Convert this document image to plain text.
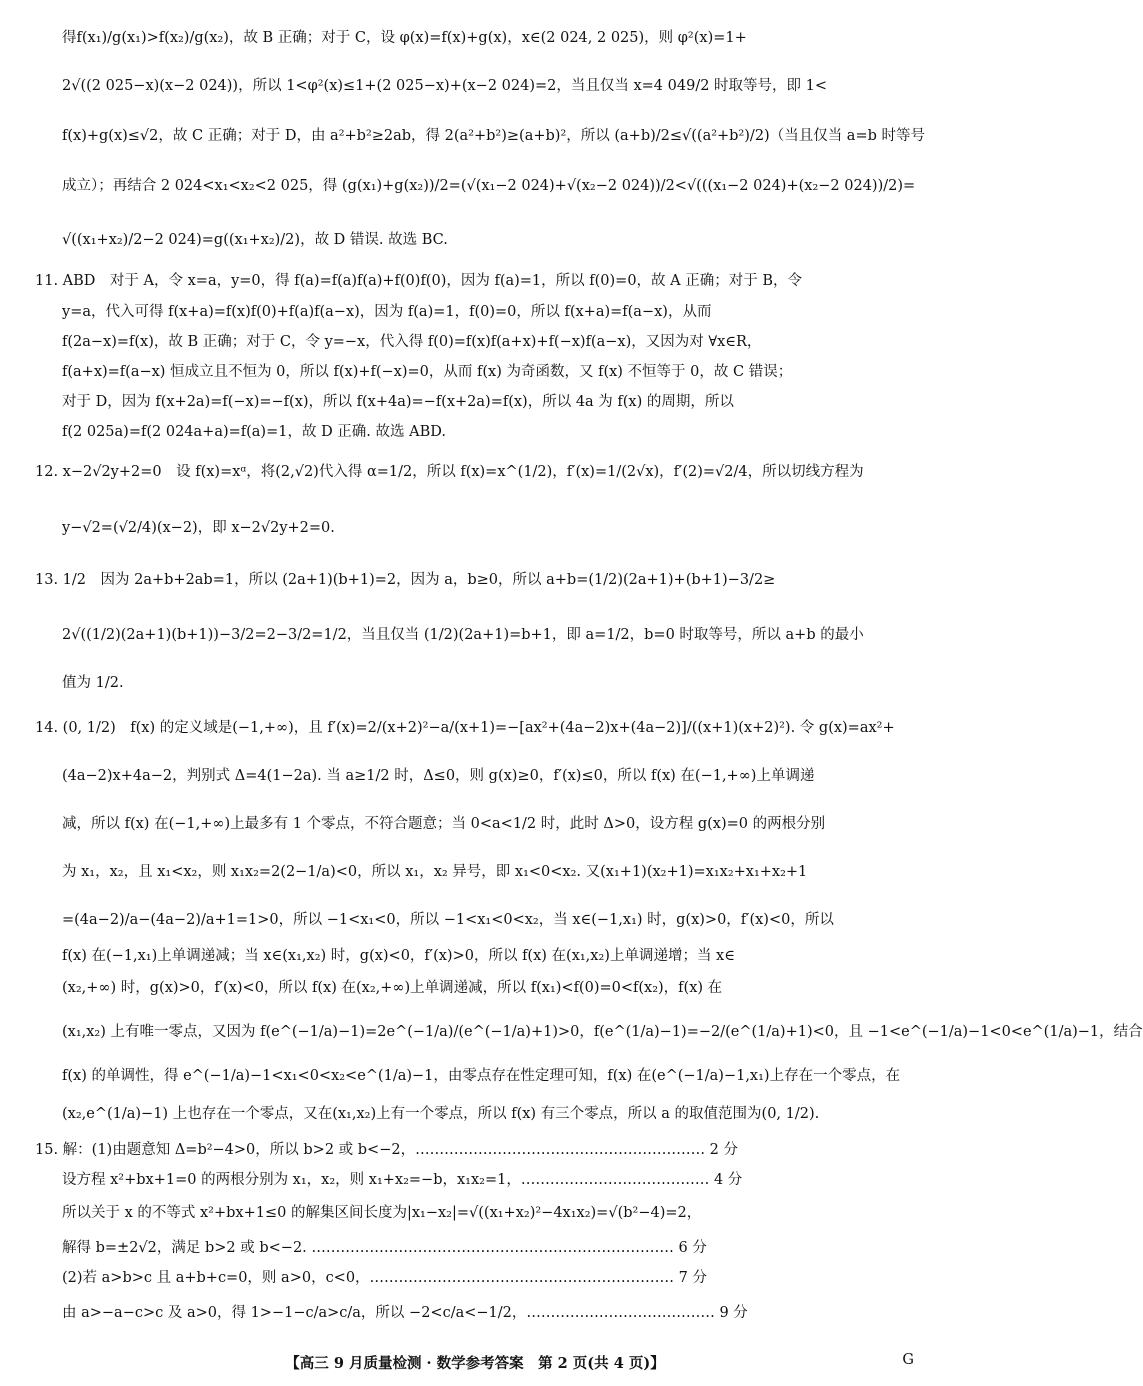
得f(x₁)/g(x₁)>f(x₂)/g(x₂)，故 B 正确；对于 C，设 φ(x)=f(x)+g(x)，x∈(2 024, 2 025)，则 φ²(x)=1+
2√((2 025−x)(x−2 024))，所以 1<φ²(x)≤1+(2 025−x)+(x−2 024)=2，当且仅当 x=4 049/2 时取等号，即 1<
f(x)+g(x)≤√2，故 C 正确；对于 D，由 a²+b²≥2ab，得 2(a²+b²)≥(a+b)²，所以 (a+b)/2≤√((a²+b²)/2)（当且仅当 a=b 时等号
成立）；再结合 2 024<x₁<x₂<2 025，得 (g(x₁)+g(x₂))/2=(√(x₁−2 024)+√(x₂−2 024))/2<√(((x₁−2 024)+(x₂−2 024))/2)=
√((x₁+x₂)/2−2 024)=g((x₁+x₂)/2)，故 D 错误. 故选 BC.
11. ABD　对于 A，令 x=a，y=0，得 f(a)=f(a)f(a)+f(0)f(0)，因为 f(a)=1，所以 f(0)=0，故 A 正确；对于 B，令
y=a，代入可得 f(x+a)=f(x)f(0)+f(a)f(a−x)，因为 f(a)=1，f(0)=0，所以 f(x+a)=f(a−x)，从而
f(2a−x)=f(x)，故 B 正确；对于 C，令 y=−x，代入得 f(0)=f(x)f(a+x)+f(−x)f(a−x)，又因为对 ∀x∈R，
f(a+x)=f(a−x) 恒成立且不恒为 0，所以 f(x)+f(−x)=0，从而 f(x) 为奇函数，又 f(x) 不恒等于 0，故 C 错误；
对于 D，因为 f(x+2a)=f(−x)=−f(x)，所以 f(x+4a)=−f(x+2a)=f(x)，所以 4a 为 f(x) 的周期，所以
f(2 025a)=f(2 024a+a)=f(a)=1，故 D 正确. 故选 ABD.
12. x−2√2y+2=0　设 f(x)=xᵅ，将(2,√2)代入得 α=1/2，所以 f(x)=x^(1/2)，f′(x)=1/(2√x)，f′(2)=√2/4，所以切线方程为
y−√2=(√2/4)(x−2)，即 x−2√2y+2=0.
13. 1/2　因为 2a+b+2ab=1，所以 (2a+1)(b+1)=2，因为 a，b≥0，所以 a+b=(1/2)(2a+1)+(b+1)−3/2≥
2√((1/2)(2a+1)(b+1))−3/2=2−3/2=1/2，当且仅当 (1/2)(2a+1)=b+1，即 a=1/2，b=0 时取等号，所以 a+b 的最小
值为 1/2.
14. (0, 1/2)　f(x) 的定义域是(−1,+∞)，且 f′(x)=2/(x+2)²−a/(x+1)=−[ax²+(4a−2)x+(4a−2)]/((x+1)(x+2)²). 令 g(x)=ax²+
(4a−2)x+4a−2，判别式 Δ=4(1−2a). 当 a≥1/2 时，Δ≤0，则 g(x)≥0，f′(x)≤0，所以 f(x) 在(−1,+∞)上单调递
减，所以 f(x) 在(−1,+∞)上最多有 1 个零点，不符合题意；当 0<a<1/2 时，此时 Δ>0，设方程 g(x)=0 的两根分别
为 x₁，x₂，且 x₁<x₂，则 x₁x₂=2(2−1/a)<0，所以 x₁，x₂ 异号，即 x₁<0<x₂. 又(x₁+1)(x₂+1)=x₁x₂+x₁+x₂+1
=(4a−2)/a−(4a−2)/a+1=1>0，所以 −1<x₁<0，所以 −1<x₁<0<x₂，当 x∈(−1,x₁) 时，g(x)>0，f′(x)<0，所以
f(x) 在(−1,x₁)上单调递减；当 x∈(x₁,x₂) 时，g(x)<0，f′(x)>0，所以 f(x) 在(x₁,x₂)上单调递增；当 x∈
(x₂,+∞) 时，g(x)>0，f′(x)<0，所以 f(x) 在(x₂,+∞)上单调递减，所以 f(x₁)<f(0)=0<f(x₂)，f(x) 在
(x₁,x₂) 上有唯一零点，又因为 f(e^(−1/a)−1)=2e^(−1/a)/(e^(−1/a)+1)>0，f(e^(1/a)−1)=−2/(e^(1/a)+1)<0，且 −1<e^(−1/a)−1<0<e^(1/a)−1，结合
f(x) 的单调性，得 e^(−1/a)−1<x₁<0<x₂<e^(1/a)−1，由零点存在性定理可知，f(x) 在(e^(−1/a)−1,x₁)上存在一个零点，在
(x₂,e^(1/a)−1) 上也存在一个零点，又在(x₁,x₂)上有一个零点，所以 f(x) 有三个零点，所以 a 的取值范围为(0, 1/2).
15. 解：(1)由题意知 Δ=b²−4>0，所以 b>2 或 b<−2，…………………………………………………… 2 分
设方程 x²+bx+1=0 的两根分别为 x₁，x₂，则 x₁+x₂=−b，x₁x₂=1，………………………………… 4 分
所以关于 x 的不等式 x²+bx+1≤0 的解集区间长度为|x₁−x₂|=√((x₁+x₂)²−4x₁x₂)=√(b²−4)=2，
解得 b=±2√2，满足 b>2 或 b<−2. ………………………………………………………………… 6 分
(2)若 a>b>c 且 a+b+c=0，则 a>0，c<0，……………………………………………………… 7 分
由 a>−a−c>c 及 a>0，得 1>−1−c/a>c/a，所以 −2<c/a<−1/2，………………………………… 9 分
【高三 9 月质量检测 · 数学参考答案　第 2 页(共 4 页)】	G
